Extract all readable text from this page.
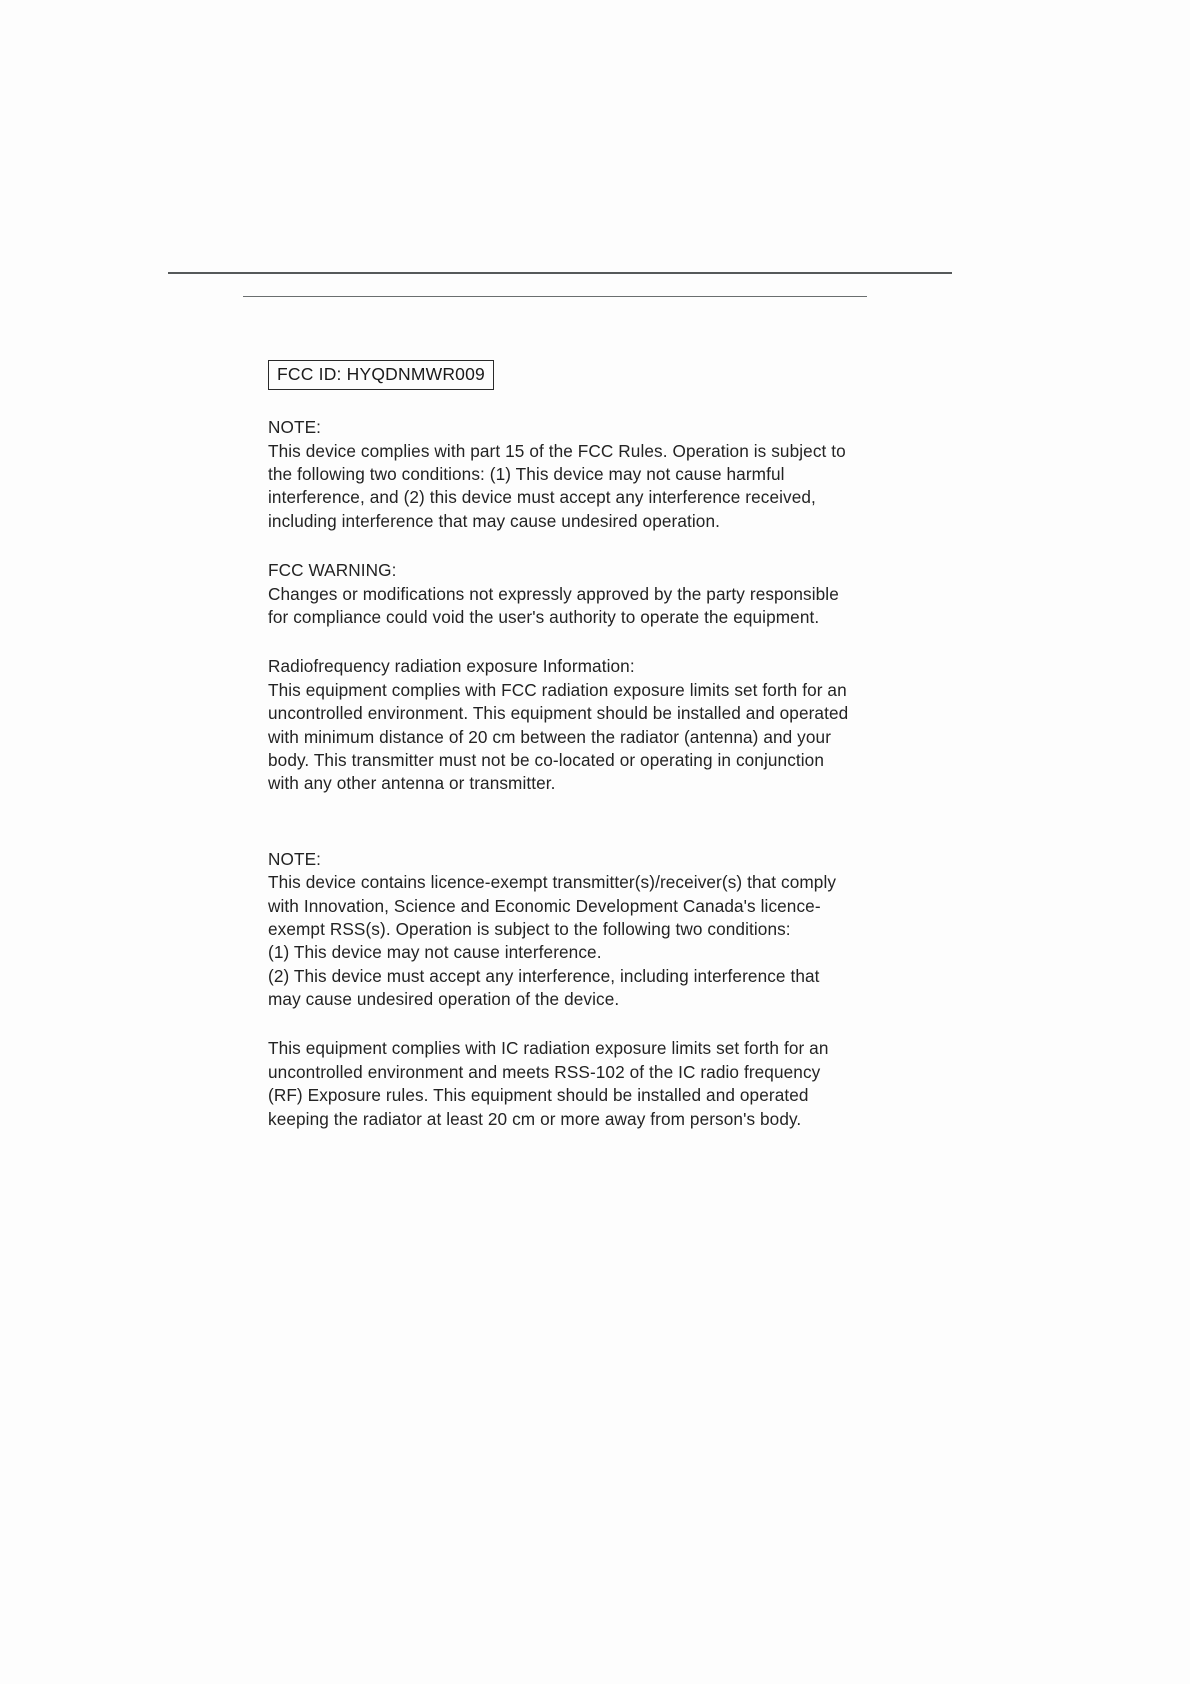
FCC ID: HYQDNMWR009

NOTE:

This device complies with part 15 of the FCC Rules. Operation is subject to the following two conditions: (1) This device may not cause harmful interference, and (2) this device must accept any interference received, including interference that may cause undesired operation.

FCC WARNING:

Changes or modifications not expressly approved by the party responsible for compliance could void the user's authority to operate the equipment.

Radiofrequency radiation exposure Information:

This equipment complies with FCC radiation exposure limits set forth for an uncontrolled environment. This equipment should be installed and operated with minimum distance of 20 cm between the radiator (antenna) and your body. This transmitter must not be co-located or operating in conjunction with any other antenna or transmitter.

NOTE:

This device contains licence-exempt transmitter(s)/receiver(s) that comply with Innovation, Science and Economic Development Canada's licence-exempt RSS(s). Operation is subject to the following two conditions:

(1) This device may not cause interference.

(2) This device must accept any interference, including interference that may cause undesired operation of the device.

This equipment complies with IC radiation exposure limits set forth for an uncontrolled environment and meets RSS-102 of the IC radio frequency (RF) Exposure rules. This equipment should be installed and operated keeping the radiator at least 20 cm or more away from person's body.
